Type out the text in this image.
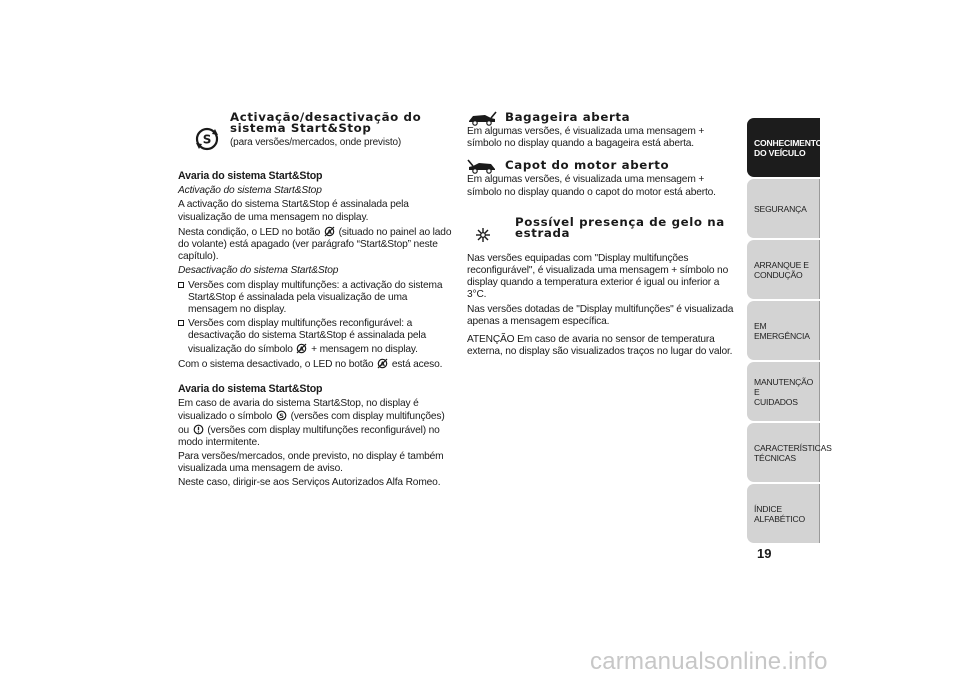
S
Activação/desactivação do sistema Start&Stop
(para versões/mercados, onde previsto)
Avaria do sistema Start&Stop

Activação do sistema Start&Stop

A activação do sistema Start&Stop é assinalada pela visualização de uma mensagem no display.

Nesta condição, o LED no botão A (situado no painel ao lado do volante) está apagado (ver parágrafo “Start&Stop” neste capítulo).

Desactivação do sistema Start&Stop

Versões com display multifunções: a activação do sistema Start&Stop é assinalada pela visualização de uma mensagem no display.
Versões com display multifunções reconfigurável: a desactivação do sistema Start&Stop é assinalada pela visualização do símbolo A + mensagem no display.

Com o sistema desactivado, o LED no botão A está aceso.

Avaria do sistema Start&Stop

Em caso de avaria do sistema Start&Stop, no display é visualizado o símbolo S (versões com display multifunções) ou (versões com display multifunções reconfigurável) no modo intermitente.

Para versões/mercados, onde previsto, no display é também visualizada uma mensagem de aviso.

Neste caso, dirigir-se aos Serviços Autorizados Alfa Romeo.

Bagageira aberta

Em algumas versões, é visualizada uma mensagem + símbolo no display quando a bagageira está aberta.

Capot do motor aberto

Em algumas versões, é visualizada uma mensagem + símbolo no display quando o capot do motor está aberto.

Possível presença de gelo na estrada

Nas versões equipadas com "Display multifunções reconfigurável", é visualizada uma mensagem + símbolo no display quando a temperatura exterior é igual ou inferior a 3°C.

Nas versões dotadas de "Display multifunções" é visualizada apenas a mensagem específica.

ATENÇÃO Em caso de avaria no sensor de temperatura externa, no display são visualizados traços no lugar do valor.

CONHECIMENTO
DO VEÍCULO
SEGURANÇA
ARRANQUE E
CONDUÇÃO
EM EMERGÊNCIA
MANUTENÇÃO E
CUIDADOS
CARACTERÍSTICAS
TÉCNICAS
ÍNDICE ALFABÉTICO
19
carmanualsonline.info
